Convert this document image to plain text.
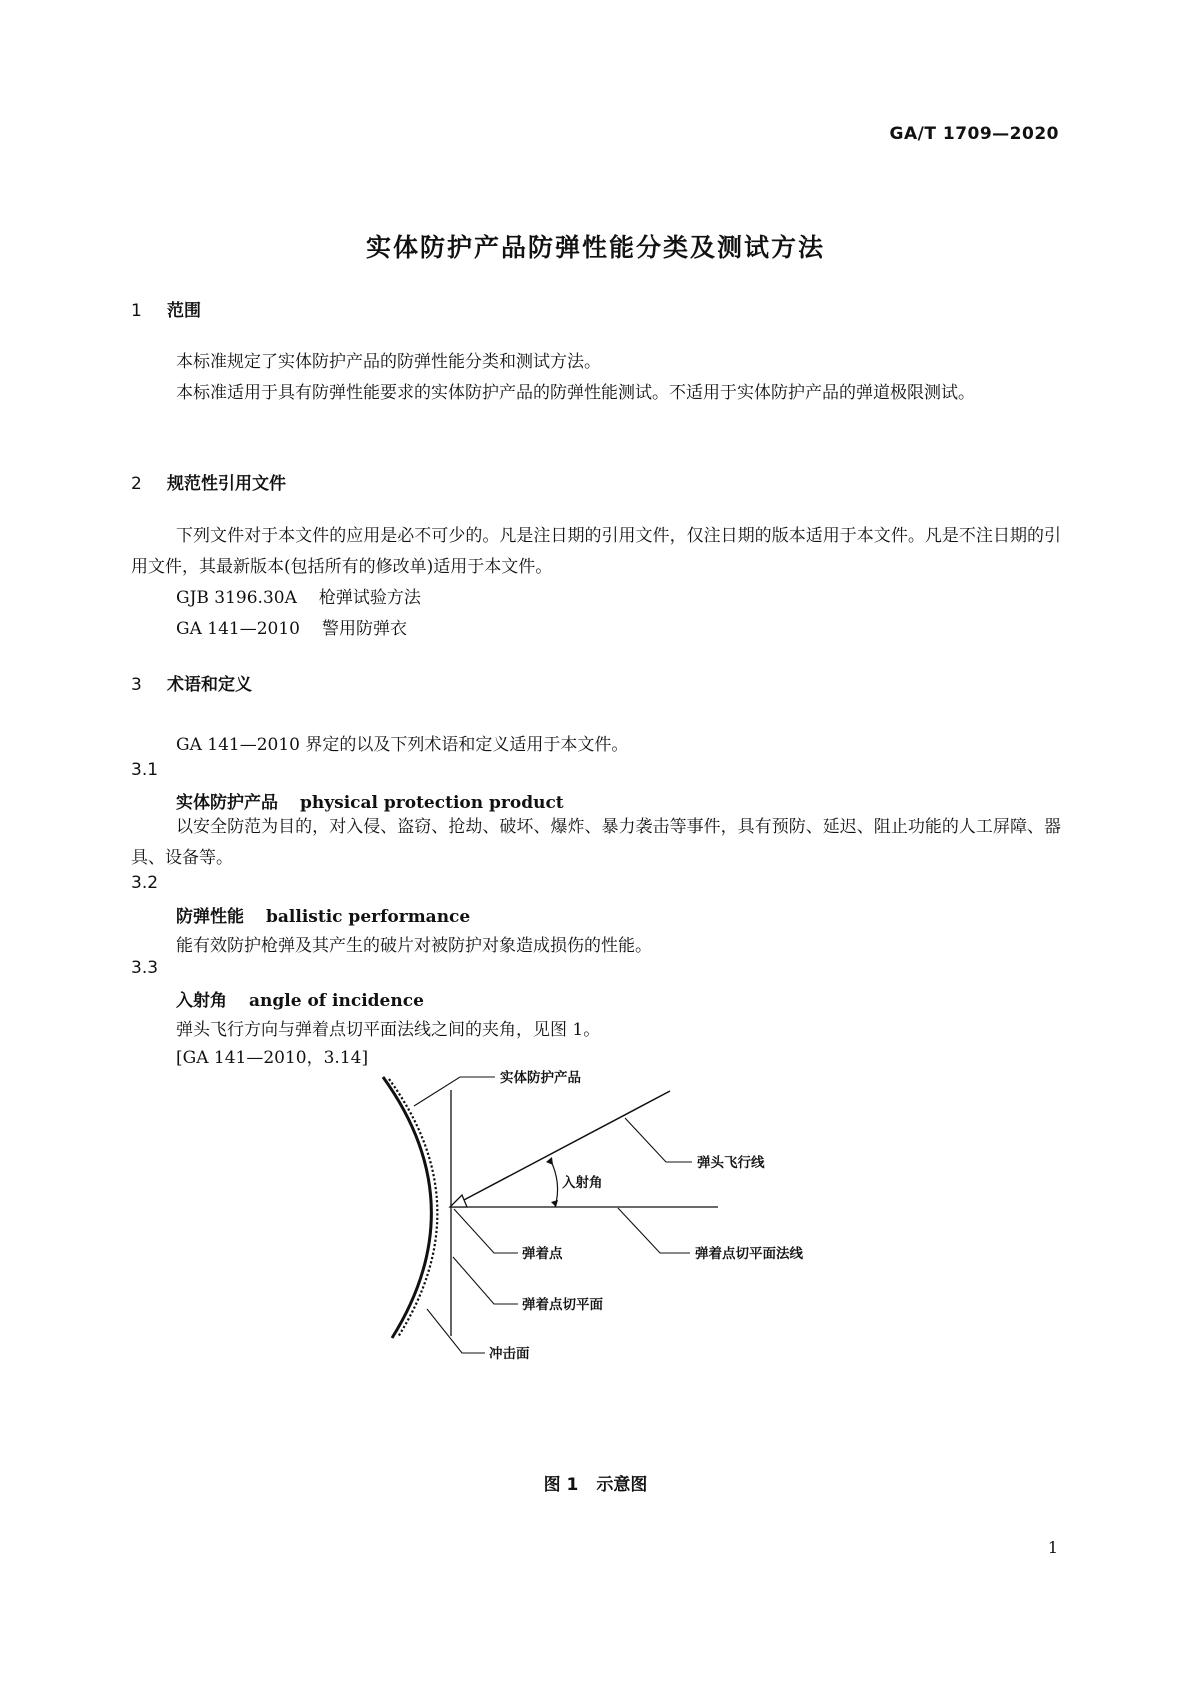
GA/T 1709—2020
实体防护产品防弹性能分类及测试方法
1 范围
本标准规定了实体防护产品的防弹性能分类和测试方法。
本标准适用于具有防弹性能要求的实体防护产品的防弹性能测试。不适用于实体防护产品的弹道极限测试。
2 规范性引用文件
下列文件对于本文件的应用是必不可少的。凡是注日期的引用文件，仅注日期的版本适用于本文件。凡是不注日期的引用文件，其最新版本(包括所有的修改单)适用于本文件。
GJB 3196.30A 枪弹试验方法
GA 141—2010 警用防弹衣
3 术语和定义
GA 141—2010 界定的以及下列术语和定义适用于本文件。
3.1
实体防护产品 physical protection product
以安全防范为目的，对入侵、盗窃、抢劫、破坏、爆炸、暴力袭击等事件，具有预防、延迟、阻止功能的人工屏障、器具、设备等。
3.2
防弹性能 ballistic performance
能有效防护枪弹及其产生的破片对被防护对象造成损伤的性能。
3.3
入射角 angle of incidence
弹头飞行方向与弹着点切平面法线之间的夹角，见图 1。
[GA 141—2010，3.14]
实体防护产品
弹头飞行线
入射角
弹着点	弹着点切平面法线
弹着点切平面
冲击面
图 1 示意图
1
